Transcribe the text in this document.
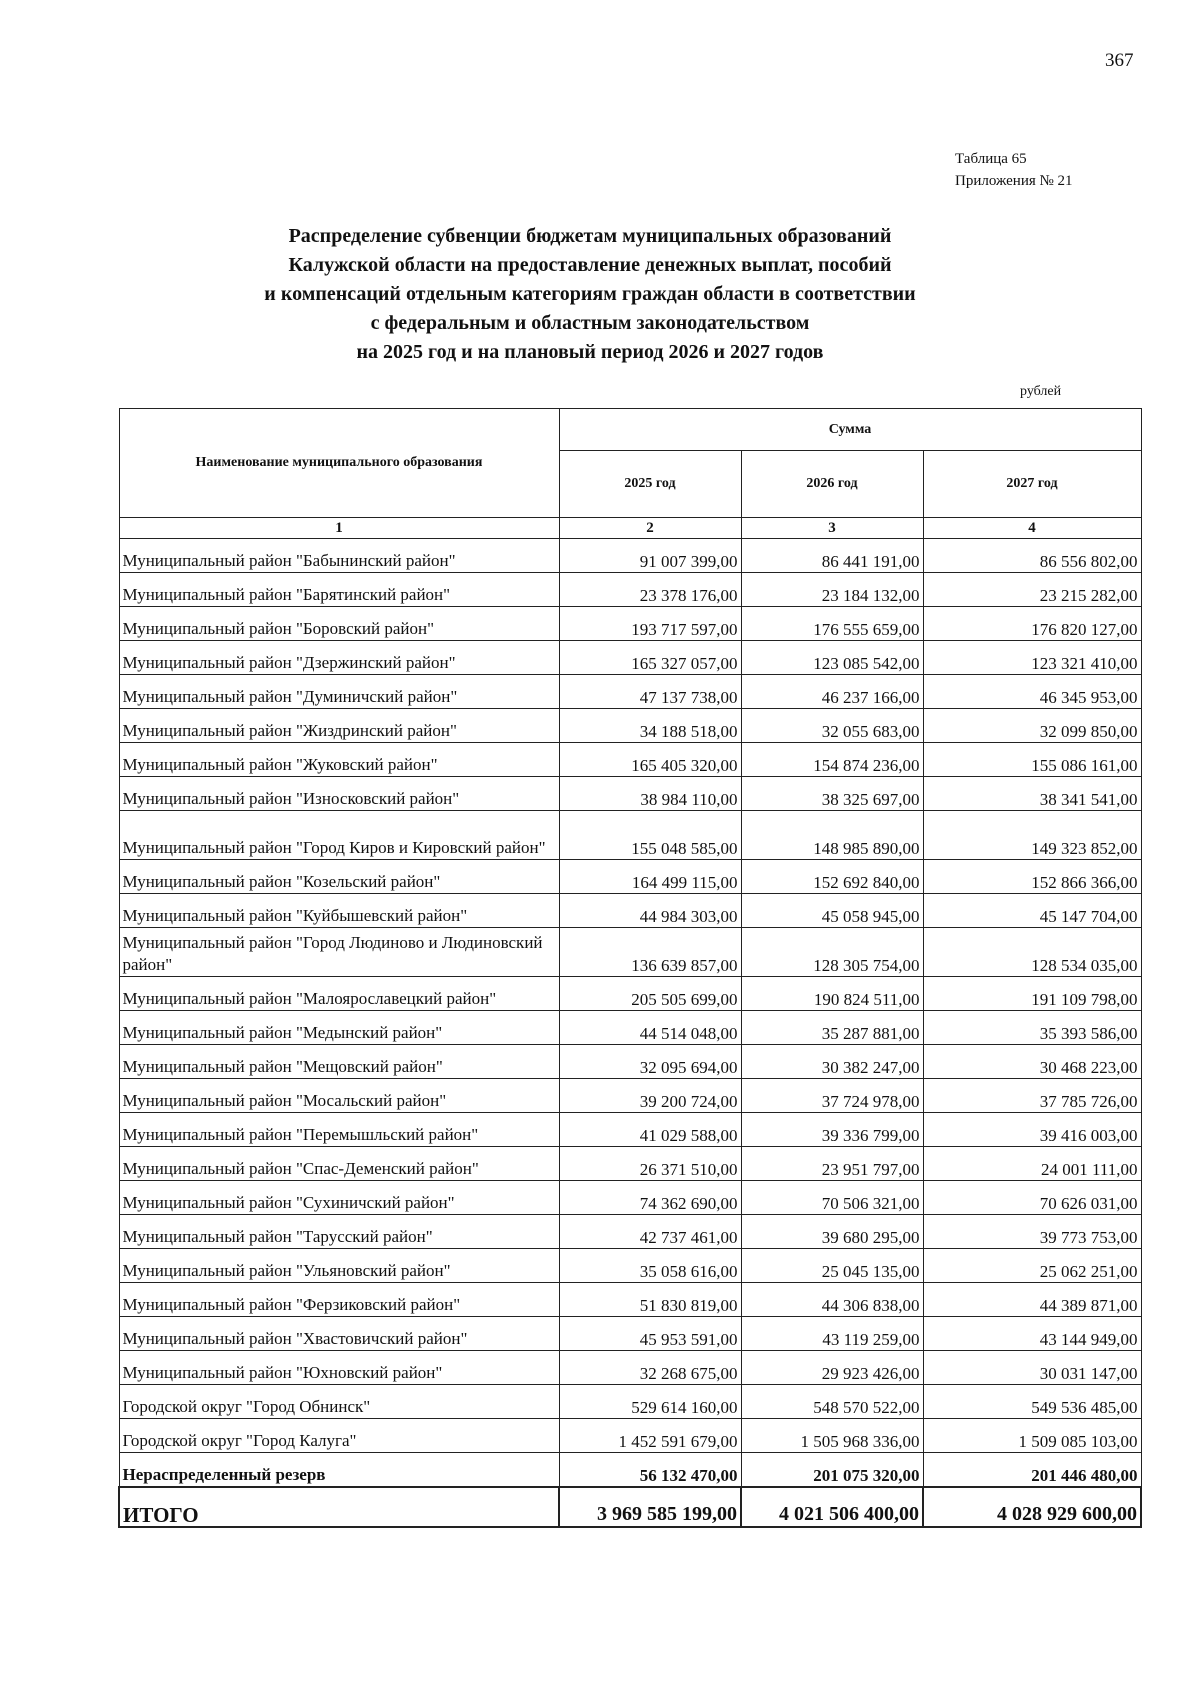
367
Таблица 65
Приложения № 21
Распределение субвенции бюджетам муниципальных образований
Калужской области на предоставление денежных выплат, пособий
и компенсаций отдельным категориям граждан области в соответствии
с федеральным и областным законодательством
на 2025 год и на плановый период 2026 и 2027 годов
рублей
Наименование муниципального образования	Сумма		
	2025 год	2026 год	2027 год
1	2	3	4
Муниципальный район "Бабынинский район"	91 007 399,00	86 441 191,00	86 556 802,00
Муниципальный район "Барятинский район"	23 378 176,00	23 184 132,00	23 215 282,00
Муниципальный район "Боровский район"	193 717 597,00	176 555 659,00	176 820 127,00
Муниципальный район "Дзержинский район"	165 327 057,00	123 085 542,00	123 321 410,00
Муниципальный район "Думиничский район"	47 137 738,00	46 237 166,00	46 345 953,00
Муниципальный район "Жиздринский район"	34 188 518,00	32 055 683,00	32 099 850,00
Муниципальный район "Жуковский район"	165 405 320,00	154 874 236,00	155 086 161,00
Муниципальный район "Износковский район"	38 984 110,00	38 325 697,00	38 341 541,00
Муниципальный район "Город Киров и Кировский район"	155 048 585,00	148 985 890,00	149 323 852,00
Муниципальный район "Козельский район"	164 499 115,00	152 692 840,00	152 866 366,00
Муниципальный район "Куйбышевский район"	44 984 303,00	45 058 945,00	45 147 704,00
Муниципальный район "Город Людиново и Людиновский район"	136 639 857,00	128 305 754,00	128 534 035,00
Муниципальный район "Малоярославецкий район"	205 505 699,00	190 824 511,00	191 109 798,00
Муниципальный район "Медынский район"	44 514 048,00	35 287 881,00	35 393 586,00
Муниципальный район "Мещовский район"	32 095 694,00	30 382 247,00	30 468 223,00
Муниципальный район "Мосальский район"	39 200 724,00	37 724 978,00	37 785 726,00
Муниципальный район "Перемышльский район"	41 029 588,00	39 336 799,00	39 416 003,00
Муниципальный район "Спас-Деменский район"	26 371 510,00	23 951 797,00	24 001 111,00
Муниципальный район "Сухиничский район"	74 362 690,00	70 506 321,00	70 626 031,00
Муниципальный район "Тарусский район"	42 737 461,00	39 680 295,00	39 773 753,00
Муниципальный район "Ульяновский район"	35 058 616,00	25 045 135,00	25 062 251,00
Муниципальный район "Ферзиковский район"	51 830 819,00	44 306 838,00	44 389 871,00
Муниципальный район "Хвастовичский район"	45 953 591,00	43 119 259,00	43 144 949,00
Муниципальный район "Юхновский район"	32 268 675,00	29 923 426,00	30 031 147,00
Городской округ "Город Обнинск"	529 614 160,00	548 570 522,00	549 536 485,00
Городской округ "Город Калуга"	1 452 591 679,00	1 505 968 336,00	1 509 085 103,00
Нераспределенный резерв	56 132 470,00	201 075 320,00	201 446 480,00
ИТОГО	3 969 585 199,00	4 021 506 400,00	4 028 929 600,00
